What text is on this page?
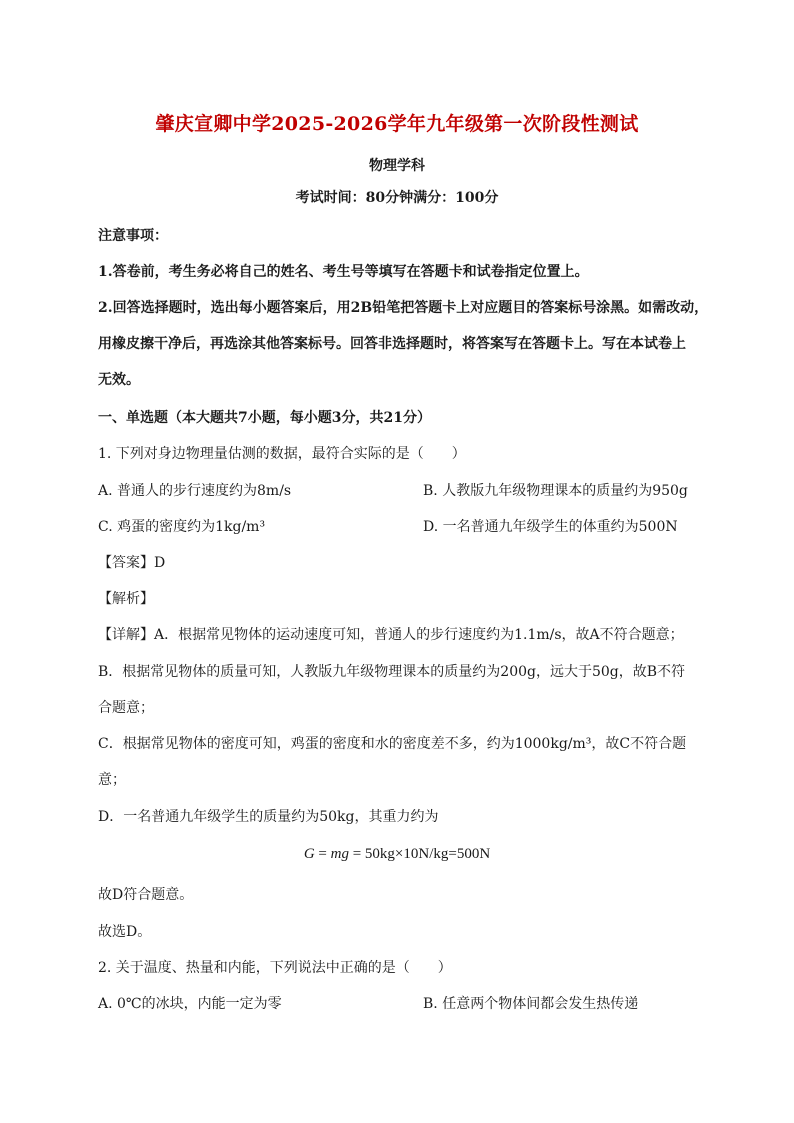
肇庆宣卿中学2025-2026学年九年级第一次阶段性测试
物理学科
考试时间：80分钟满分：100分
注意事项：
1.答卷前，考生务必将自己的姓名、考生号等填写在答题卡和试卷指定位置上。
2.回答选择题时，选出每小题答案后，用2B铅笔把答题卡上对应题目的答案标号涂黑。如需改动，
用橡皮擦干净后，再选涂其他答案标号。回答非选择题时，将答案写在答题卡上。写在本试卷上
无效。
一、单选题（本大题共7小题，每小题3分，共21分）
1. 下列对身边物理量估测的数据，最符合实际的是（　　）
A. 普通人的步行速度约为8m/s	B. 人教版九年级物理课本的质量约为950g
C. 鸡蛋的密度约为1kg/m³	D. 一名普通九年级学生的体重约为500N
【答案】D
【解析】
【详解】A．根据常见物体的运动速度可知，普通人的步行速度约为1.1m/s，故A不符合题意；
B．根据常见物体的质量可知，人教版九年级物理课本的质量约为200g，远大于50g，故B不符
合题意；
C．根据常见物体的密度可知，鸡蛋的密度和水的密度差不多，约为1000kg/m³，故C不符合题
意；
D．一名普通九年级学生的质量约为50kg，其重力约为
G = mg = 50kg×10N/kg=500N
故D符合题意。
故选D。
2. 关于温度、热量和内能，下列说法中正确的是（　　）
A. 0℃的冰块，内能一定为零	B. 任意两个物体间都会发生热传递
